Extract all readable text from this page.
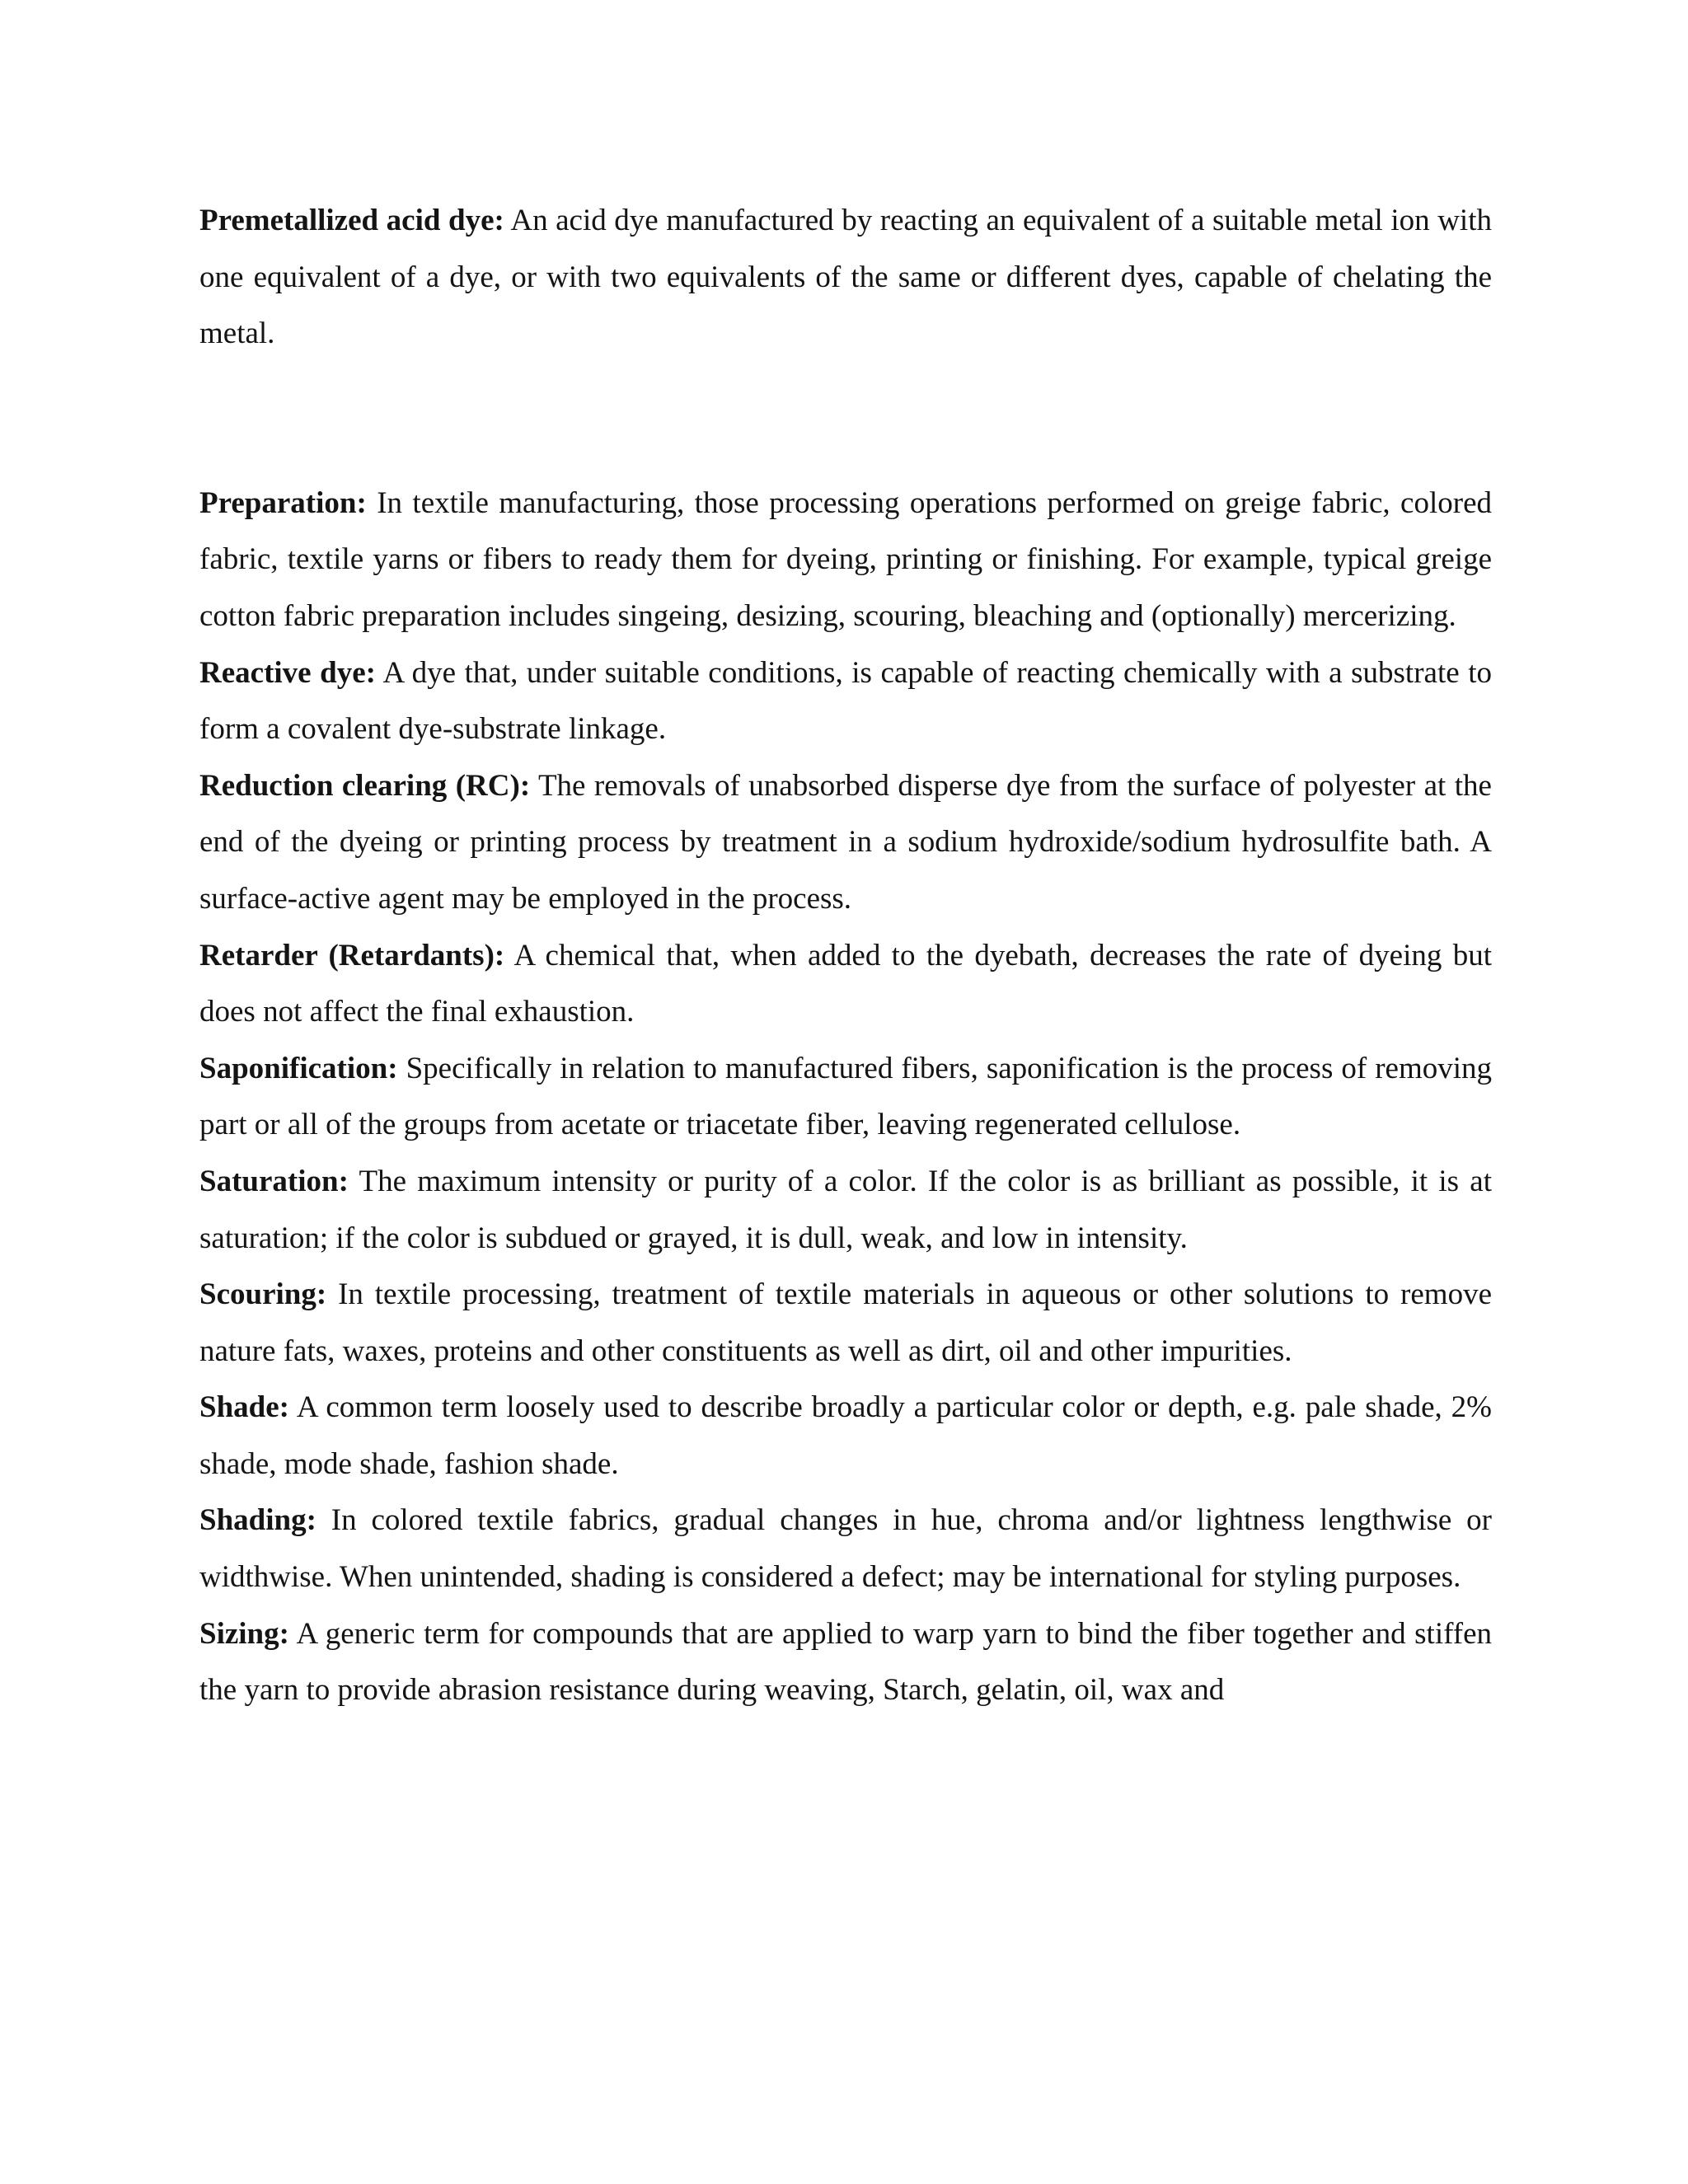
Premetallized acid dye: An acid dye manufactured by reacting an equivalent of a suitable metal ion with one equivalent of a dye, or with two equivalents of the same or different dyes, capable of chelating the metal.

Preparation: In textile manufacturing, those processing operations performed on greige fabric, colored fabric, textile yarns or fibers to ready them for dyeing, printing or finishing. For example, typical greige cotton fabric preparation includes singeing, desizing, scouring, bleaching and (optionally) mercerizing.

Reactive dye: A dye that, under suitable conditions, is capable of reacting chemically with a substrate to form a covalent dye-substrate linkage.

Reduction clearing (RC): The removals of unabsorbed disperse dye from the surface of polyester at the end of the dyeing or printing process by treatment in a sodium hydroxide/sodium hydrosulfite bath. A surface-active agent may be employed in the process.

Retarder (Retardants): A chemical that, when added to the dyebath, decreases the rate of dyeing but does not affect the final exhaustion.

Saponification: Specifically in relation to manufactured fibers, saponification is the process of removing part or all of the groups from acetate or triacetate fiber, leaving regenerated cellulose.

Saturation: The maximum intensity or purity of a color. If the color is as brilliant as possible, it is at saturation; if the color is subdued or grayed, it is dull, weak, and low in intensity.

Scouring: In textile processing, treatment of textile materials in aqueous or other solutions to remove nature fats, waxes, proteins and other constituents as well as dirt, oil and other impurities.

Shade: A common term loosely used to describe broadly a particular color or depth, e.g. pale shade, 2% shade, mode shade, fashion shade.

Shading: In colored textile fabrics, gradual changes in hue, chroma and/or lightness lengthwise or widthwise. When unintended, shading is considered a defect; may be international for styling purposes.

Sizing: A generic term for compounds that are applied to warp yarn to bind the fiber together and stiffen the yarn to provide abrasion resistance during weaving, Starch, gelatin, oil, wax and
